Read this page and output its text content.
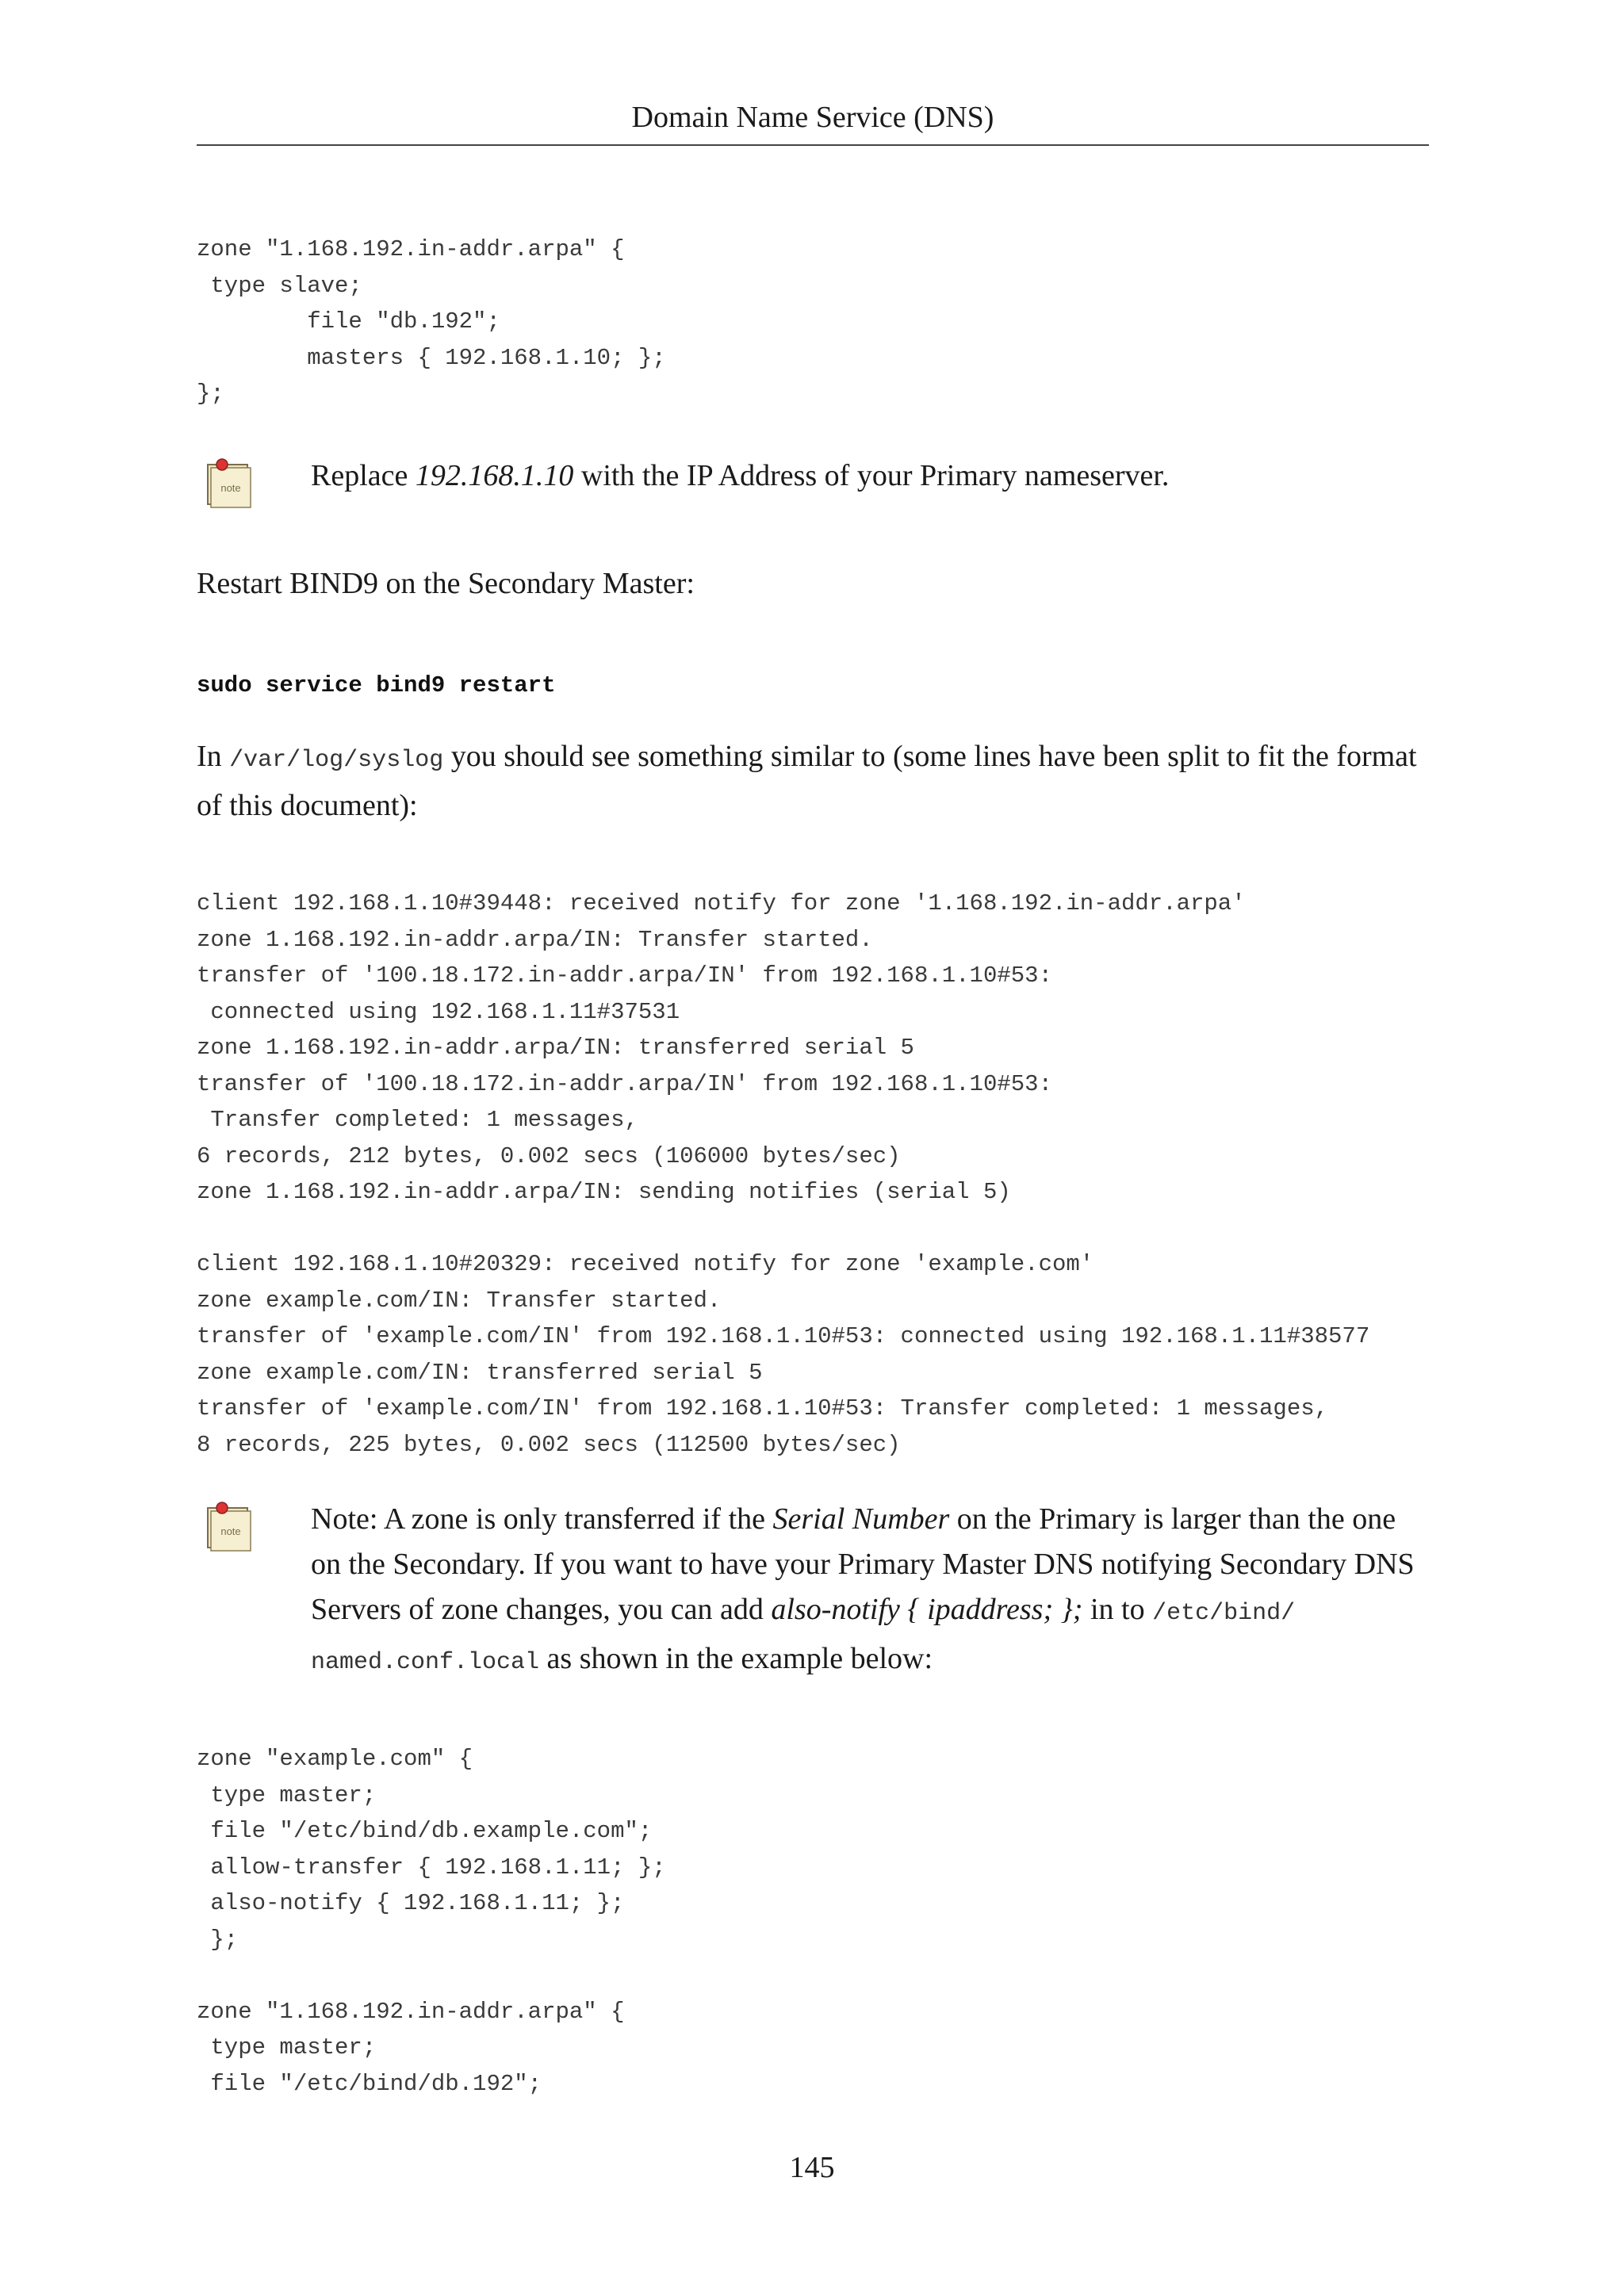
Domain Name Service (DNS)
zone "1.168.192.in-addr.arpa" {
type slave;
file "db.192";
masters { 192.168.1.10; };
};
note Replace 192.168.1.10 with the IP Address of your Primary nameserver.

Restart BIND9 on the Secondary Master:

sudo service bind9 restart

In /var/log/syslog you should see something similar to (some lines have been split to fit the format of this document):

client 192.168.1.10#39448: received notify for zone '1.168.192.in-addr.arpa'
zone 1.168.192.in-addr.arpa/IN: Transfer started.
transfer of '100.18.172.in-addr.arpa/IN' from 192.168.1.10#53:
connected using 192.168.1.11#37531
zone 1.168.192.in-addr.arpa/IN: transferred serial 5
transfer of '100.18.172.in-addr.arpa/IN' from 192.168.1.10#53:
Transfer completed: 1 messages,
6 records, 212 bytes, 0.002 secs (106000 bytes/sec)
zone 1.168.192.in-addr.arpa/IN: sending notifies (serial 5)

client 192.168.1.10#20329: received notify for zone 'example.com'
zone example.com/IN: Transfer started.
transfer of 'example.com/IN' from 192.168.1.10#53: connected using 192.168.1.11#38577
zone example.com/IN: transferred serial 5
transfer of 'example.com/IN' from 192.168.1.10#53: Transfer completed: 1 messages,
8 records, 225 bytes, 0.002 secs (112500 bytes/sec)
note Note: A zone is only transferred if the Serial Number on the Primary is larger than the one on the Secondary. If you want to have your Primary Master DNS notifying Secondary DNS Servers of zone changes, you can add also-notify { ipaddress; }; in to /etc/bind/ named.conf.local as shown in the example below:

zone "example.com" {
type master;
file "/etc/bind/db.example.com";
allow-transfer { 192.168.1.11; };
also-notify { 192.168.1.11; };
};

zone "1.168.192.in-addr.arpa" {
type master;
file "/etc/bind/db.192";
145
